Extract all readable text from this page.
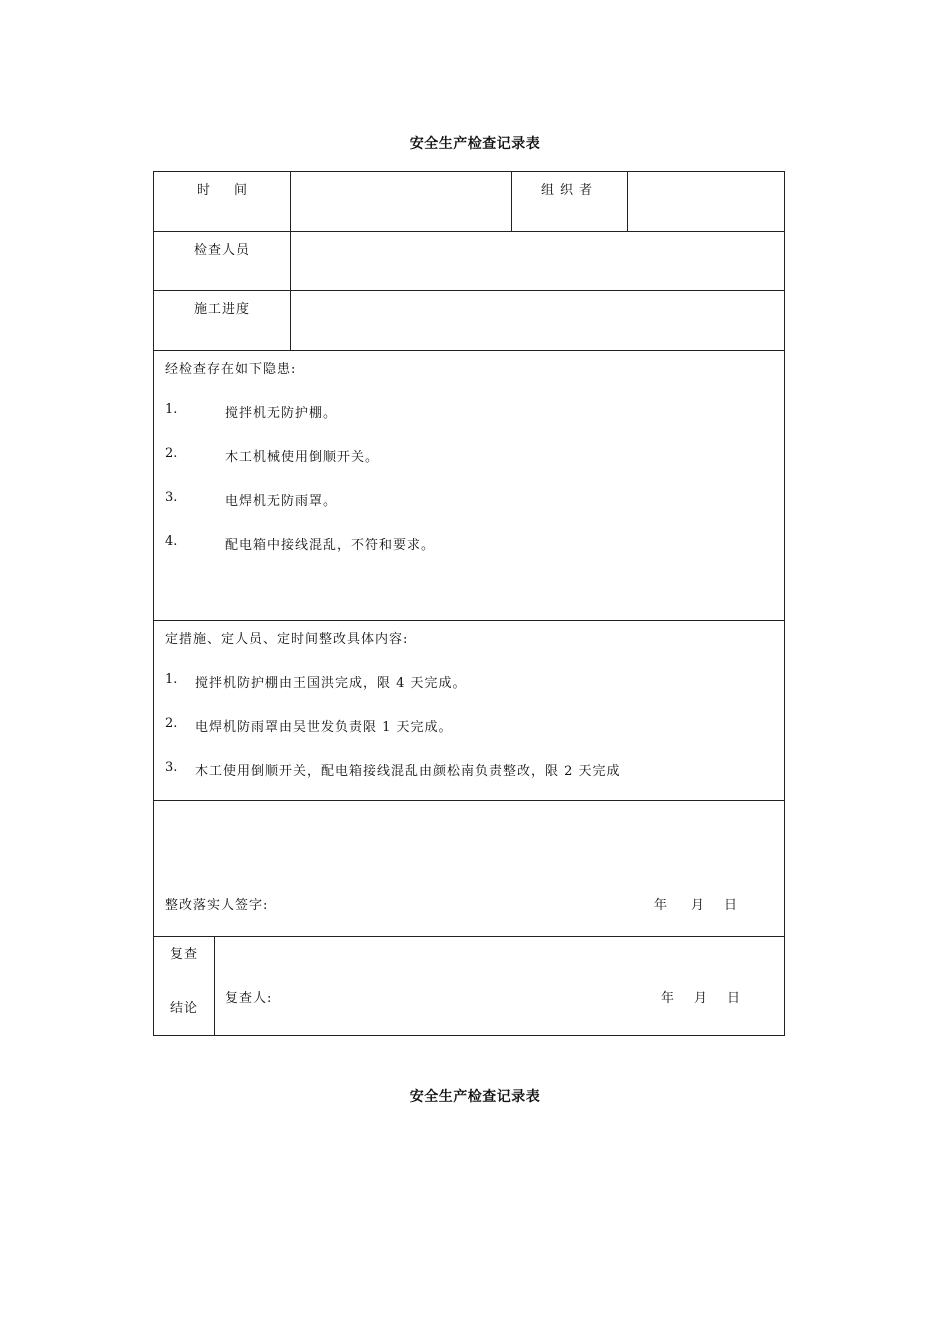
安全生产检查记录表
时间	组织者
检查人员
施工进度
经检查存在如下隐患:
1.	搅拌机无防护棚。
2.	木工机械使用倒顺开关。
3.	电焊机无防雨罩。
4.	配电箱中接线混乱，不符和要求。
定措施、定人员、定时间整改具体内容:
1. 搅拌机防护棚由王国洪完成，限 4 天完成。
2. 电焊机防雨罩由吴世发负责限 1 天完成。
3. 木工使用倒顺开关，配电箱接线混乱由颜松南负责整改，限 2 天完成
整改落实人签字:	年 月 日
复查
结论
复查人:	年 月 日
安全生产检查记录表
